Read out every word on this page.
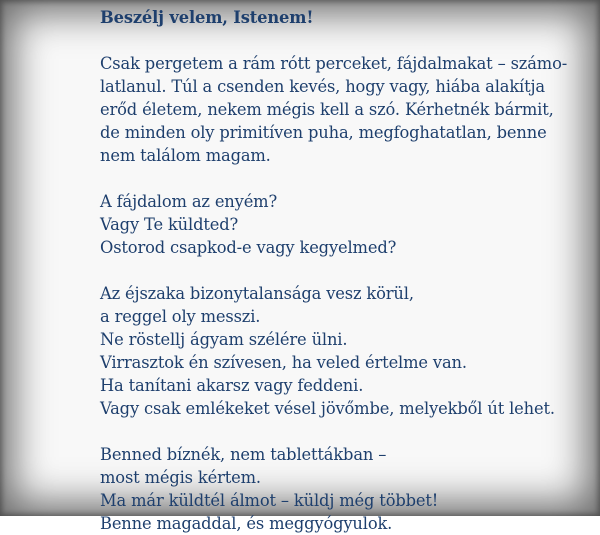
Beszélj velem, Istenem!
Csak pergetem a rám rótt perceket, fájdalmakat – számo-
latlanul. Túl a csenden kevés, hogy vagy, hiába alakítja
erőd életem, nekem mégis kell a szó. Kérhetnék bármit,
de minden oly primitíven puha, megfoghatatlan, benne
nem találom magam.
A fájdalom az enyém?
Vagy Te küldted?
Ostorod csapkod-e vagy kegyelmed?
Az éjszaka bizonytalansága vesz körül,
a reggel oly messzi.
Ne röstellj ágyam szélére ülni.
Virrasztok én szívesen, ha veled értelme van.
Ha tanítani akarsz vagy feddeni.
Vagy csak emlékeket vésel jövőmbe, melyekből út lehet.
Benned bíznék, nem tablettákban –
most mégis kértem.
Ma már küldtél álmot – küldj még többet!
Benne magaddal, és meggyógyulok.
